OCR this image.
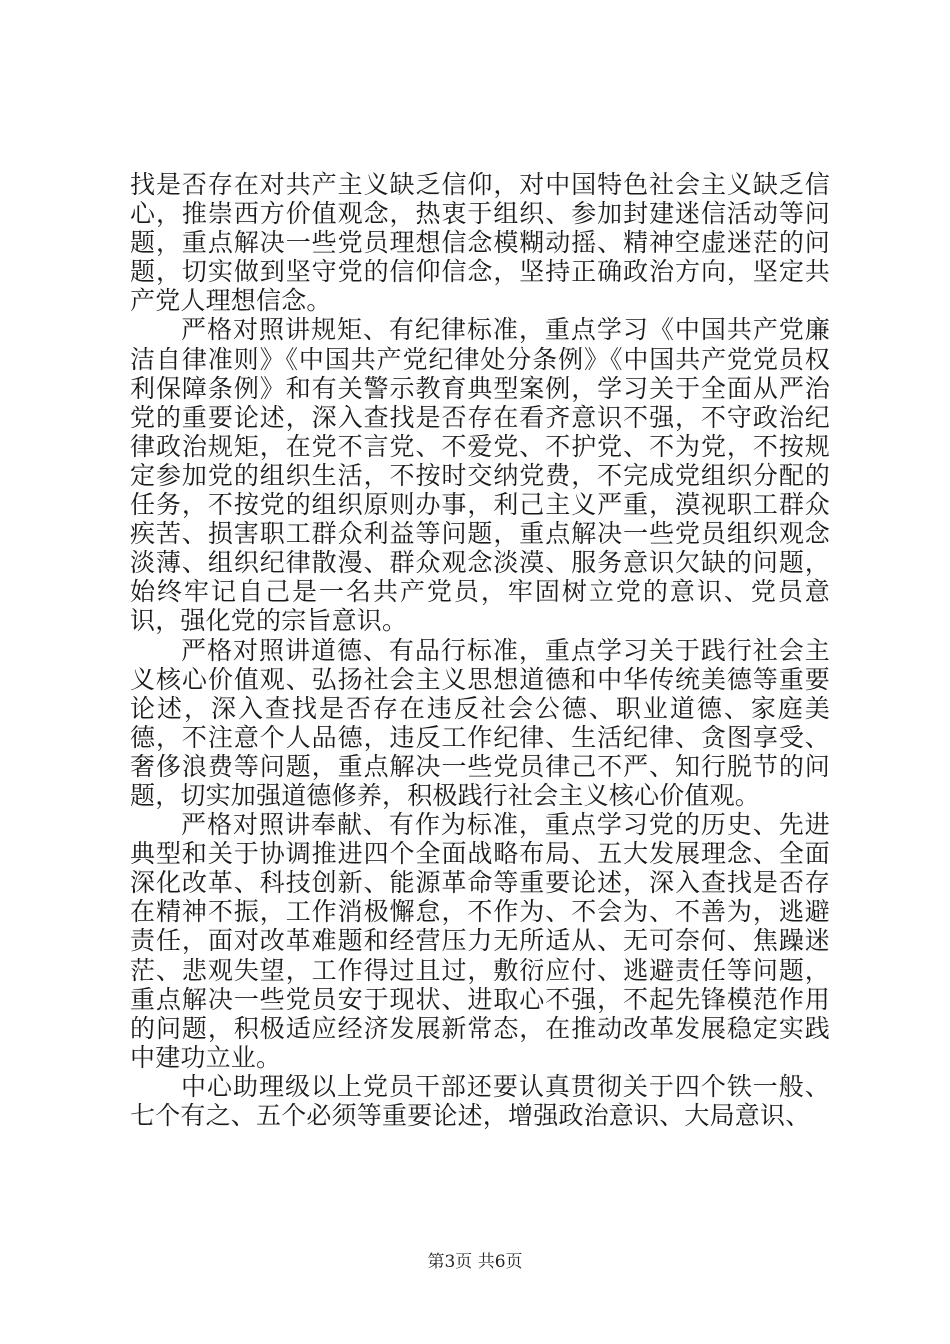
找是否存在对共产主义缺乏信仰，对中国特色社会主义缺乏信心，推崇西方价值观念，热衷于组织、参加封建迷信活动等问题，重点解决一些党员理想信念模糊动摇、精神空虚迷茫的问题，切实做到坚守党的信仰信念，坚持正确政治方向，坚定共产党人理想信念。

严格对照讲规矩、有纪律标准，重点学习《中国共产党廉洁自律准则》《中国共产党纪律处分条例》《中国共产党党员权利保障条例》和有关警示教育典型案例，学习关于全面从严治党的重要论述，深入查找是否存在看齐意识不强，不守政治纪律政治规矩，在党不言党、不爱党、不护党、不为党，不按规定参加党的组织生活，不按时交纳党费，不完成党组织分配的任务，不按党的组织原则办事，利己主义严重，漠视职工群众疾苦、损害职工群众利益等问题，重点解决一些党员组织观念淡薄、组织纪律散漫、群众观念淡漠、服务意识欠缺的问题，始终牢记自己是一名共产党员，牢固树立党的意识、党员意识，强化党的宗旨意识。

严格对照讲道德、有品行标准，重点学习关于践行社会主义核心价值观、弘扬社会主义思想道德和中华传统美德等重要论述，深入查找是否存在违反社会公德、职业道德、家庭美德，不注意个人品德，违反工作纪律、生活纪律、贪图享受、奢侈浪费等问题，重点解决一些党员律己不严、知行脱节的问题，切实加强道德修养，积极践行社会主义核心价值观。

严格对照讲奉献、有作为标准，重点学习党的历史、先进典型和关于协调推进四个全面战略布局、五大发展理念、全面深化改革、科技创新、能源革命等重要论述，深入查找是否存在精神不振，工作消极懈怠，不作为、不会为、不善为，逃避责任，面对改革难题和经营压力无所适从、无可奈何、焦躁迷茫、悲观失望，工作得过且过，敷衍应付、逃避责任等问题，重点解决一些党员安于现状、进取心不强，不起先锋模范作用的问题，积极适应经济发展新常态，在推动改革发展稳定实践中建功立业。

中心助理级以上党员干部还要认真贯彻关于四个铁一般、七个有之、五个必须等重要论述，增强政治意识、大局意识、

第3页 共6页
